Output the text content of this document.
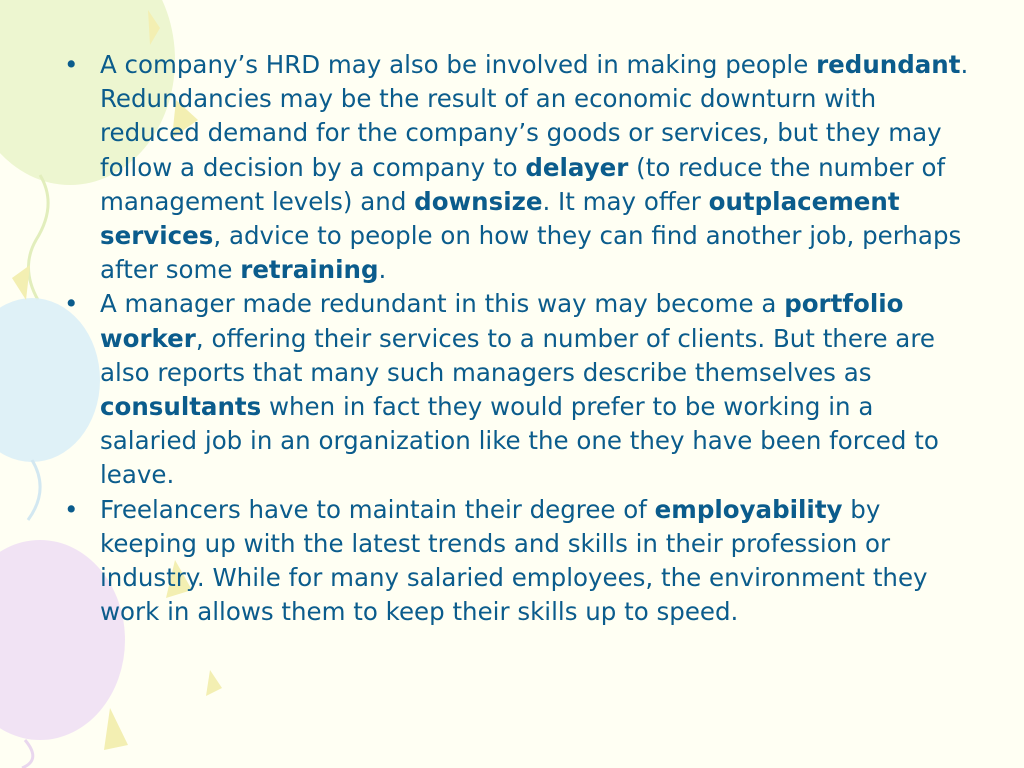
• A company’s HRD may also be involved in making people redundant. Redundancies may be the result of an economic downturn with reduced demand for the company’s goods or services, but they may follow a decision by a company to delayer (to reduce the number of management levels) and downsize. It may offer outplacement services, advice to people on how they can find another job, perhaps after some retraining.
• A manager made redundant in this way may become a portfolio worker, offering their services to a number of clients. But there are also reports that many such managers describe themselves as consultants when in fact they would prefer to be working in a salaried job in an organization like the one they have been forced to leave.
• Freelancers have to maintain their degree of employability by keeping up with the latest trends and skills in their profession or industry. While for many salaried employees, the environment they work in allows them to keep their skills up to speed.
